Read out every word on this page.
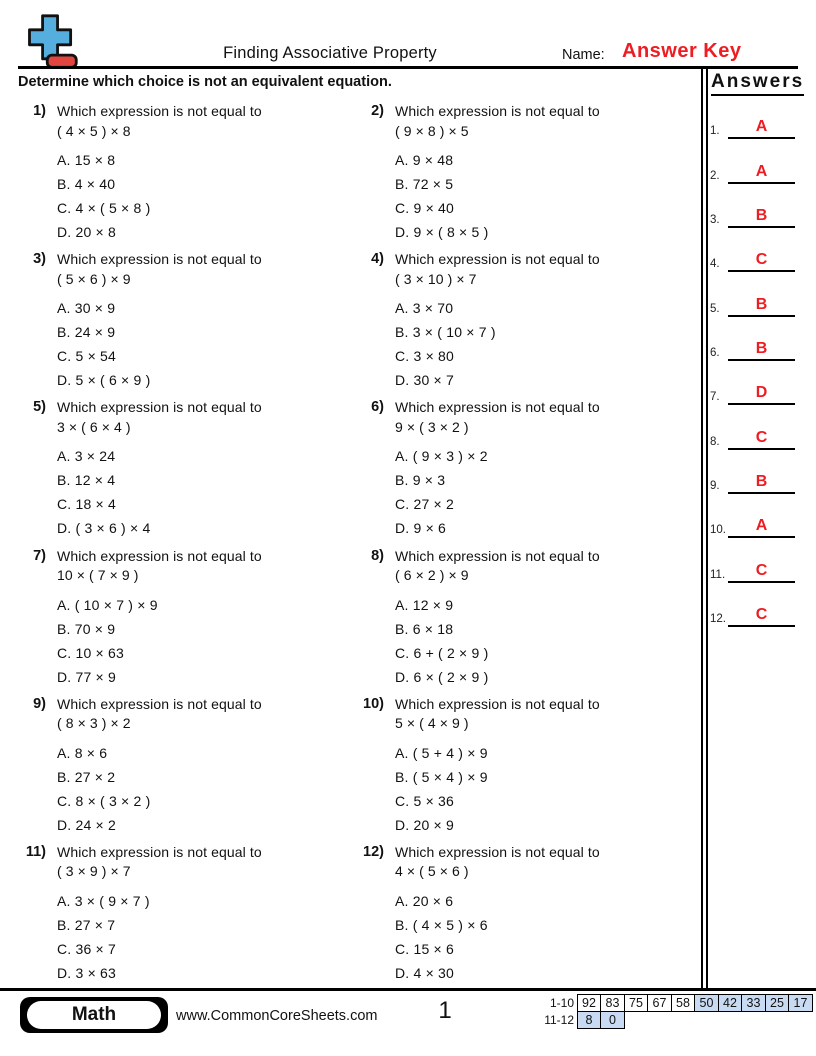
Finding Associative Property	Name: Answer Key
Determine which choice is not an equivalent equation.
1) Which expression is not equal to
( 4 × 5 ) × 8
A. 15 × 8
B. 4 × 40
C. 4 × ( 5 × 8 )
D. 20 × 8
2) Which expression is not equal to
( 9 × 8 ) × 5
A. 9 × 48
B. 72 × 5
C. 9 × 40
D. 9 × ( 8 × 5 )
3) Which expression is not equal to
( 5 × 6 ) × 9
A. 30 × 9
B. 24 × 9
C. 5 × 54
D. 5 × ( 6 × 9 )
4) Which expression is not equal to
( 3 × 10 ) × 7
A. 3 × 70
B. 3 × ( 10 × 7 )
C. 3 × 80
D. 30 × 7
5) Which expression is not equal to
3 × ( 6 × 4 )
A. 3 × 24
B. 12 × 4
C. 18 × 4
D. ( 3 × 6 ) × 4
6) Which expression is not equal to
9 × ( 3 × 2 )
A. ( 9 × 3 ) × 2
B. 9 × 3
C. 27 × 2
D. 9 × 6
7) Which expression is not equal to
10 × ( 7 × 9 )
A. ( 10 × 7 ) × 9
B. 70 × 9
C. 10 × 63
D. 77 × 9
8) Which expression is not equal to
( 6 × 2 ) × 9
A. 12 × 9
B. 6 × 18
C. 6 + ( 2 × 9 )
D. 6 × ( 2 × 9 )
9) Which expression is not equal to
( 8 × 3 ) × 2
A. 8 × 6
B. 27 × 2
C. 8 × ( 3 × 2 )
D. 24 × 2
10) Which expression is not equal to
5 × ( 4 × 9 )
A. ( 5 + 4 ) × 9
B. ( 5 × 4 ) × 9
C. 5 × 36
D. 20 × 9
11) Which expression is not equal to
( 3 × 9 ) × 7
A. 3 × ( 9 × 7 )
B. 27 × 7
C. 36 × 7
D. 3 × 63
12) Which expression is not equal to
4 × ( 5 × 6 )
A. 20 × 6
B. ( 4 × 5 ) × 6
C. 15 × 6
D. 4 × 30
Answers
1.	A
2.	A
3.	B
4.	C
5.	B
6.	B
7.	D
8.	C
9.	B
10.	A
11.	C
12.	C
Math	www.CommonCoreSheets.com	1	1-10 92 83 75 67 58 50 42 33 25 17
11-12 8	0
